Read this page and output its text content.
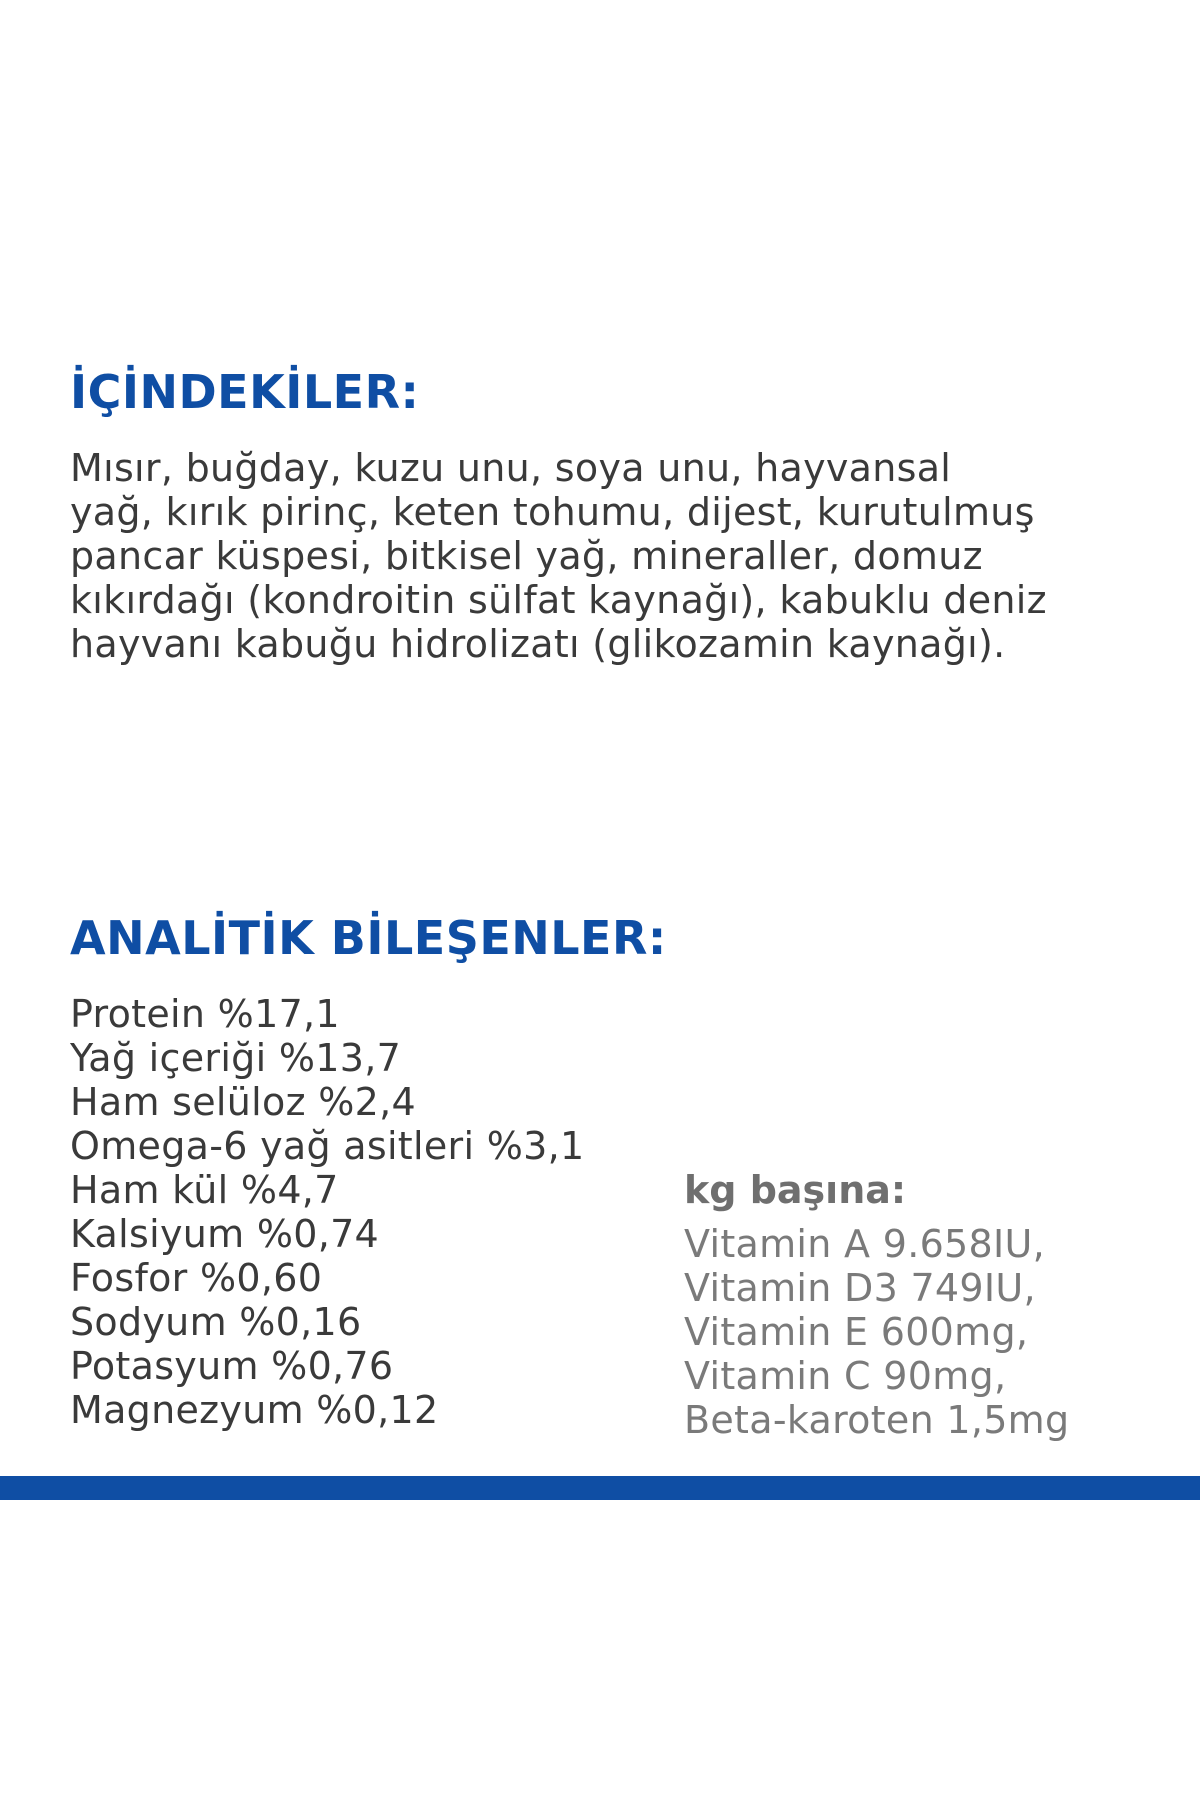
İÇİNDEKİLER:

Mısır, buğday, kuzu unu, soya unu, hayvansal
yağ, kırık pirinç, keten tohumu, dijest, kurutulmuş
pancar küspesi, bitkisel yağ, mineraller, domuz
kıkırdağı (kondroitin sülfat kaynağı), kabuklu deniz
hayvanı kabuğu hidrolizatı (glikozamin kaynağı).

ANALİTİK BİLEŞENLER:
Protein %17,1
Yağ içeriği %13,7
Ham selüloz %2,4
Omega-6 yağ asitleri %3,1
Ham kül %4,7
Kalsiyum %0,74
Fosfor %0,60
Sodyum %0,16
Potasyum %0,76
Magnezyum %0,12
kg başına:
Vitamin A 9.658IU,
Vitamin D3 749IU,
Vitamin E 600mg,
Vitamin C 90mg,
Beta-karoten 1,5mg
